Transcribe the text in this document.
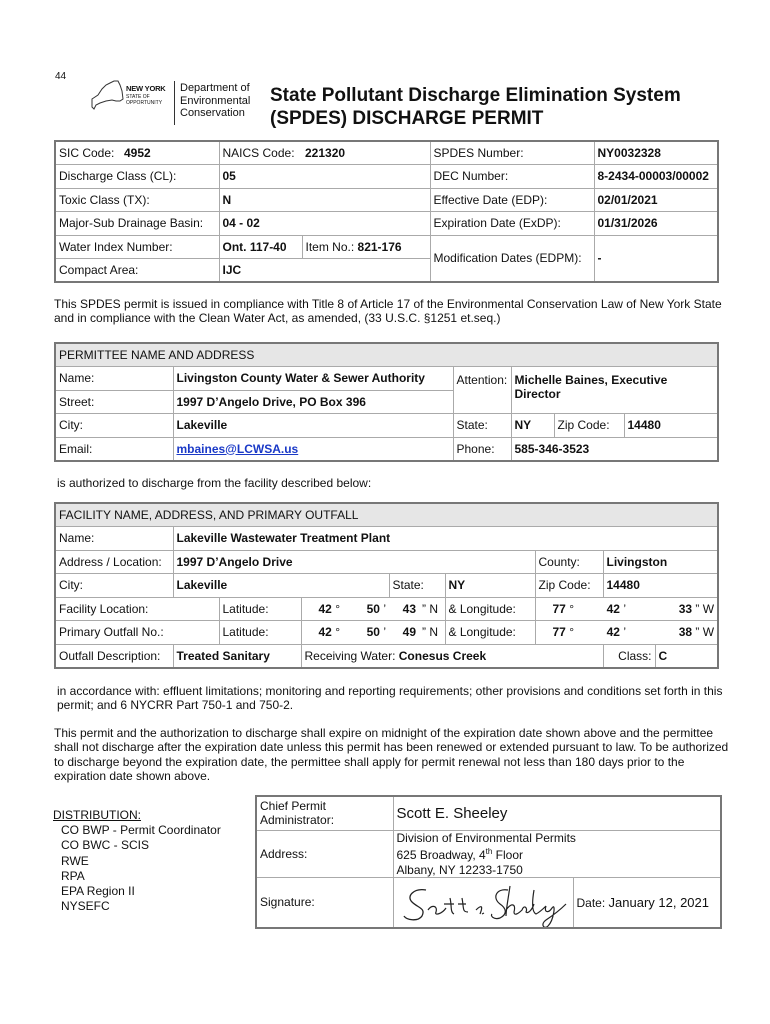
44
NEW YORK
STATE OF
OPPORTUNITY
Department of
Environmental
Conservation
State Pollutant Discharge Elimination System
(SPDES) DISCHARGE PERMIT
SIC Code:	4952	NAICS Code:	221320	SPDES Number:	NY0032328
Discharge Class (CL):		05		DEC Number:	8-2434-00003/00002
Toxic Class (TX):		N		Effective Date (EDP):	02/01/2021
Major-Sub Drainage Basin:		04 - 02		Expiration Date (ExDP):	01/31/2026
Water Index Number:		Ont. 117-40	Item No.: 821-176	Modification Dates (EDPM):	-
Compact Area:		IJC			

This SPDES permit is issued in compliance with Title 8 of Article 17 of the Environmental Conservation Law of New York State and in compliance with the Clean Water Act, as amended, (33 U.S.C. §1251 et.seq.)

PERMITTEE NAME AND ADDRESS					
Name:	Livingston County Water & Sewer Authority	Attention:	Michelle Baines, Executive Director		
Street:	1997 D’Angelo Drive, PO Box 396				
City:	Lakeville	State:	NY	Zip Code:	14480
Email:	mbaines@LCWSA.us	Phone:	585-346-3523		

is authorized to discharge from the facility described below:

FACILITY NAME, ADDRESS, AND PRIMARY OUTFALL												
Name:	Lakeville Wastewater Treatment Plant											
Address / Location:	1997 D’Angelo Drive							County:		Livingston		
City:	Lakeville				State:		NY	Zip Code:		14480		
Facility Location:		Latitude:	42 °	50 ’	43	” N	& Longitude:	77 °		42 ’	33 ” W	
Primary Outfall No.:		Latitude:	42 °	50 ’	49	” N	& Longitude:	77 °		42 ’	38 ” W	
Outfall Description:	Treated Sanitary		Receiving Water: Conesus Creek							Class:		C

in accordance with: effluent limitations; monitoring and reporting requirements; other provisions and conditions set forth in this permit; and 6 NYCRR Part 750-1 and 750-2.

This permit and the authorization to discharge shall expire on midnight of the expiration date shown above and the permittee shall not discharge after the expiration date unless this permit has been renewed or extended pursuant to law. To be authorized to discharge beyond the expiration date, the permittee shall apply for permit renewal not less than 180 days prior to the expiration date shown above.

DISTRIBUTION:
CO BWP - Permit Coordinator
CO BWC - SCIS
RWE
RPA
EPA Region II
NYSEFC
Chief Permit Administrator:	Scott E. Sheeley	
Address:	Division of Environmental Permits
625 Broadway, 4th Floor
Albany, NY 12233-1750	

Signature:		Date: January 12, 2021
